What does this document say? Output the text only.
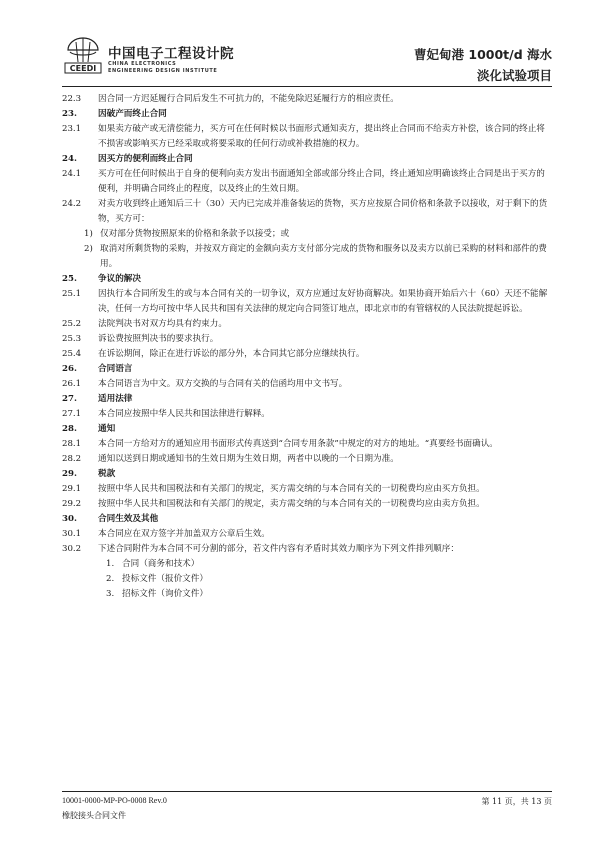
CEEDI
中国电子工程设计院
CHINA ELECTRONICS
ENGINEERING DESIGN INSTITUTE
曹妃甸港 1000t/d 海水
淡化试验项目
22.3	因合同一方迟延履行合同后发生不可抗力的，不能免除迟延履行方的相应责任。
23.	因破产而终止合同
23.1	如果卖方破产或无清偿能力，买方可在任何时候以书面形式通知卖方，提出终止合同而不给卖方补偿，该合同的终止将不损害或影响买方已经采取或将要采取的任何行动或补救措施的权力。
24.	因买方的便利而终止合同
24.1	买方可在任何时候出于自身的便利向卖方发出书面通知全部或部分终止合同，终止通知应明确该终止合同是出于买方的便利，并明确合同终止的程度，以及终止的生效日期。
24.2	对卖方收到终止通知后三十（30）天内已完成并准备装运的货物，买方应按原合同价格和条款予以接收，对于剩下的货物，买方可：
1) 仅对部分货物按照原来的价格和条款予以接受；或
2) 取消对所剩货物的采购，并按双方商定的金额向卖方支付部分完成的货物和服务以及卖方以前已采购的材料和部件的费用。
25.	争议的解决
25.1	因执行本合同所发生的或与本合同有关的一切争议，双方应通过友好协商解决。如果协商开始后六十（60）天还不能解决，任何一方均可按中华人民共和国有关法律的规定向合同签订地点，即北京市的有管辖权的人民法院提起诉讼。
25.2	法院判决书对双方均具有约束力。
25.3	诉讼费按照判决书的要求执行。
25.4	在诉讼期间，除正在进行诉讼的部分外，本合同其它部分应继续执行。
26.	合同语言
26.1	本合同语言为中文。双方交换的与合同有关的信函均用中文书写。
27.	适用法律
27.1	本合同应按照中华人民共和国法律进行解释。
28.	通知
28.1	本合同一方给对方的通知应用书面形式传真送到“合同专用条款”中规定的对方的地址。“真要经书面确认。
28.2	通知以送到日期或通知书的生效日期为生效日期，两者中以晚的一个日期为准。
29.	税款
29.1	按照中华人民共和国税法和有关部门的规定，买方需交纳的与本合同有关的一切税费均应由买方负担。
29.2	按照中华人民共和国税法和有关部门的规定，卖方需交纳的与本合同有关的一切税费均应由卖方负担。
30.	合同生效及其他
30.1	本合同应在双方签字并加盖双方公章后生效。
30.2	下述合同附件为本合同不可分割的部分，若文件内容有矛盾时其效力顺序为下列文件排列顺序：
1. 合同（商务和技术）
2. 投标文件（报价文件）
3. 招标文件（询价文件）
10001-0000-MP-PO-0008 Rev.0	第 11 页，共 13 页
橡胶接头合同文件
